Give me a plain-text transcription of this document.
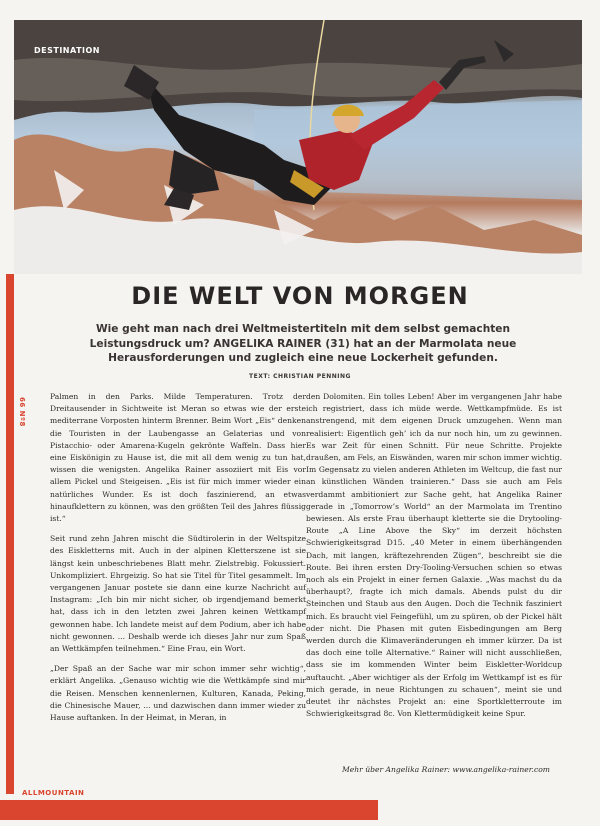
DESTINATION
DIE WELT VON MORGEN
Wie geht man nach drei Weltmeistertiteln mit dem selbst gemachten Leistungsdruck um? ANGELIKA RAINER (31) hat an der Marmolata neue Herausforderungen und zugleich eine neue Lockerheit gefunden.
TEXT: CHRISTIAN PENNING
66 Nº8

Palmen in den Parks. Milde Temperaturen. Trotz der Dreitausender in Sichtweite ist Meran so etwas wie der erste mediterrane Vorposten hinterm Brenner. Beim Wort „Eis“ denken die Touristen in der Laubengasse an Gelaterias und von Pistacchio- oder Amarena-Kugeln gekrönte Waffeln. Dass hier eine Eiskönigin zu Hause ist, die mit all dem wenig zu tun hat, wissen die wenigsten. Angelika Rainer assoziiert mit Eis vor allem Pickel und Steigeisen. „Eis ist für mich immer wieder ein natürliches Wunder. Es ist doch faszinierend, an etwas hinaufklettern zu können, was den größten Teil des Jahres flüssig ist.“

Seit rund zehn Jahren mischt die Südtirolerin in der Weltspitze des Eiskletterns mit. Auch in der alpinen Kletterszene ist sie längst kein unbeschriebenes Blatt mehr. Zielstrebig. Fokussiert. Unkompliziert. Ehrgeizig. So hat sie Titel für Titel gesammelt. Im vergangenen Januar postete sie dann eine kurze Nachricht auf Instagram: „Ich bin mir nicht sicher, ob irgendjemand bemerkt hat, dass ich in den letzten zwei Jahren keinen Wettkampf gewonnen habe. Ich landete meist auf dem Podium, aber ich habe nicht gewonnen. ... Deshalb werde ich dieses Jahr nur zum Spaß an Wettkämpfen teilnehmen.“ Eine Frau, ein Wort.

„Der Spaß an der Sache war mir schon immer sehr wichtig“, erklärt Angelika. „Genauso wichtig wie die Wettkämpfe sind mir die Reisen. Menschen kennenlernen, Kulturen, Kanada, Peking, die Chinesische Mauer, ... und dazwischen dann immer wieder zu Hause auftanken. In der Heimat, in Meran, in

den Dolomiten. Ein tolles Leben! Aber im vergangenen Jahr habe ich registriert, dass ich müde werde. Wettkampfmüde. Es ist anstrengend, mit dem eigenen Druck umzugehen. Wenn man realisiert: Eigentlich geh’ ich da nur noch hin, um zu gewinnen. Es war Zeit für einen Schnitt. Für neue Schritte. Projekte draußen, am Fels, an Eiswänden, waren mir schon immer wichtig. Im Gegensatz zu vielen anderen Athleten im Weltcup, die fast nur an künstlichen Wänden trainieren.“ Dass sie auch am Fels verdammt ambitioniert zur Sache geht, hat Angelika Rainer gerade in „Tomorrow’s World“ an der Marmolata im Trentino bewiesen. Als erste Frau überhaupt kletterte sie die Drytooling-Route „A Line Above the Sky“ im derzeit höchsten Schwierigkeitsgrad D15. „40 Meter in einem überhängenden Dach, mit langen, kräftezehrenden Zügen“, beschreibt sie die Route. Bei ihren ersten Dry-Tooling-Versuchen schien so etwas noch als ein Projekt in einer fernen Galaxie. „Was machst du da überhaupt?, fragte ich mich damals. Abends pulst du dir Steinchen und Staub aus den Augen. Doch die Technik fasziniert mich. Es braucht viel Feingefühl, um zu spüren, ob der Pickel hält oder nicht. Die Phasen mit guten Eisbedingungen am Berg werden durch die Klimaveränderungen eh immer kürzer. Da ist das doch eine tolle Alternative.“ Rainer will nicht ausschließen, dass sie im kommenden Winter beim Eiskletter-Worldcup auftaucht. „Aber wichtiger als der Erfolg im Wettkampf ist es für mich gerade, in neue Richtungen zu schauen“, meint sie und deutet ihr nächstes Projekt an: eine Sportkletterroute im Schwierigkeitsgrad 8c. Von Klettermüdigkeit keine Spur.

Mehr über Angelika Rainer: www.angelika-rainer.com
ALLMOUNTAIN
